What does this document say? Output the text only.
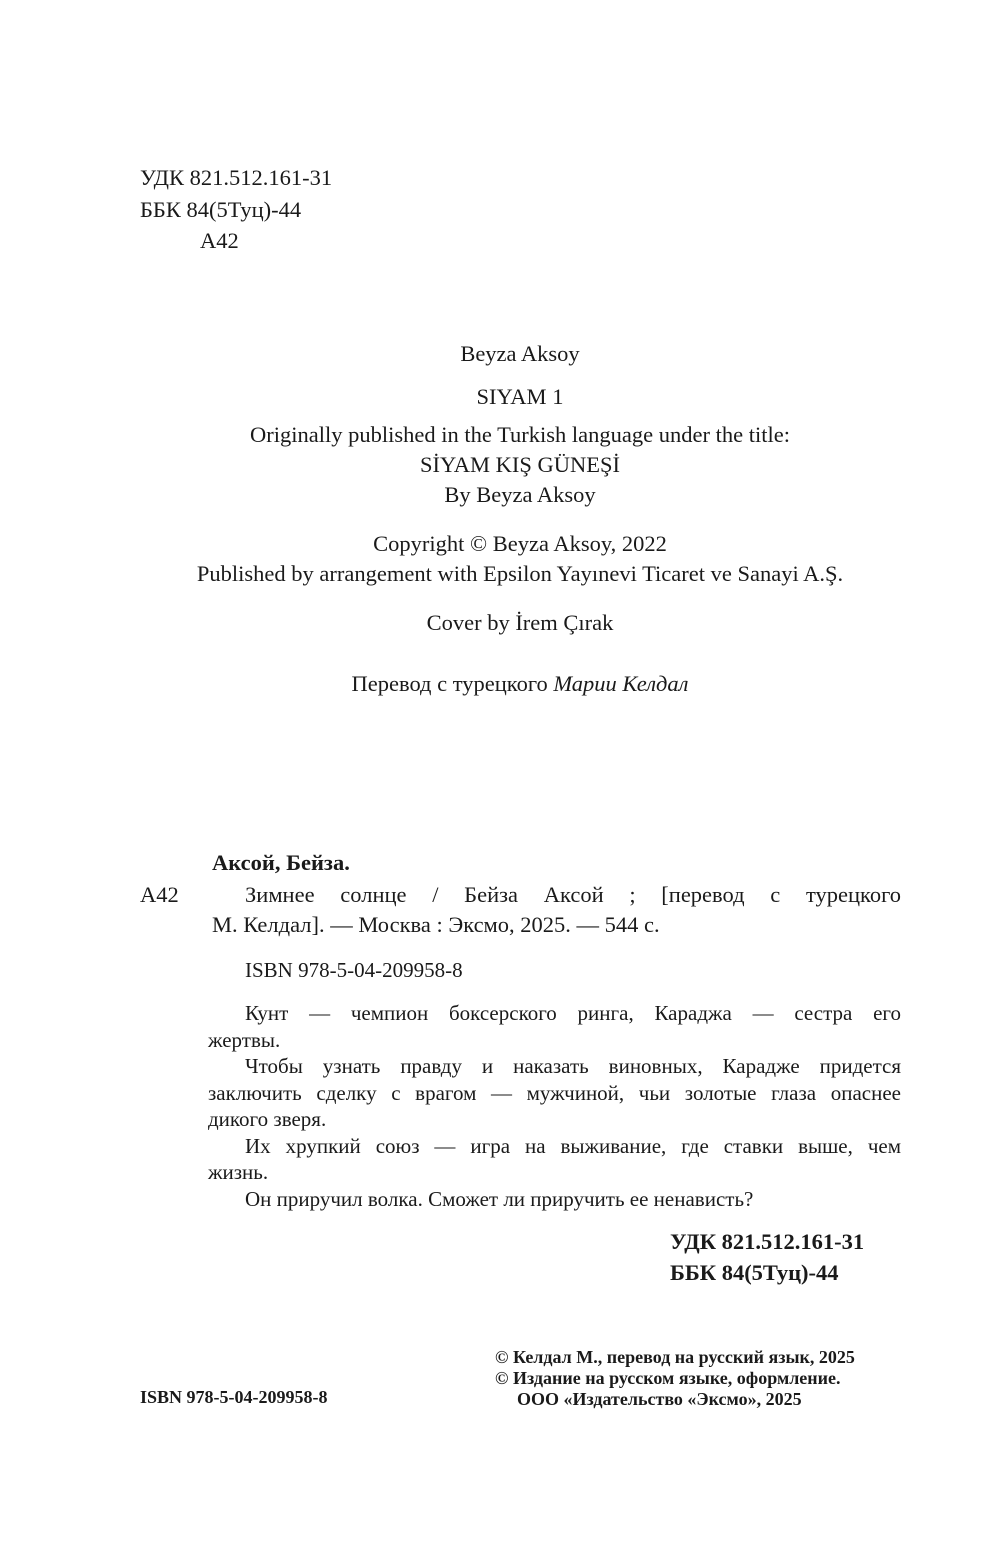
УДК 821.512.161-31
ББК 84(5Туц)-44
А42
Beyza Aksoy
SIYAM 1
Originally published in the Turkish language under the title:
SİYAM KIŞ GÜNEŞİ
By Beyza Aksoy
Copyright © Beyza Aksoy, 2022
Published by arrangement with Epsilon Yayınevi Ticaret ve Sanayi A.Ş.
Cover by İrem Çırak
Перевод с турецкого Марии Келдал
Аксой, Бейза.
А42	Зимнее солнце / Бейза Аксой ; [перевод с турецкого
М. Келдал]. — Москва : Эксмо, 2025. — 544 с.
ISBN 978-5-04-209958-8
Кунт — чемпион боксерского ринга, Караджа — сестра его
жертвы.
Чтобы узнать правду и наказать виновных, Карадже придется
заключить сделку с врагом — мужчиной, чьи золотые глаза опаснее
дикого зверя.
Их хрупкий союз — игра на выживание, где ставки выше, чем
жизнь.
Он приручил волка. Сможет ли приручить ее ненависть?
УДК 821.512.161-31
ББК 84(5Туц)-44
ISBN 978-5-04-209958-8
© Келдал М., перевод на русский язык, 2025
© Издание на русском языке, оформление.
ООО «Издательство «Эксмо», 2025
